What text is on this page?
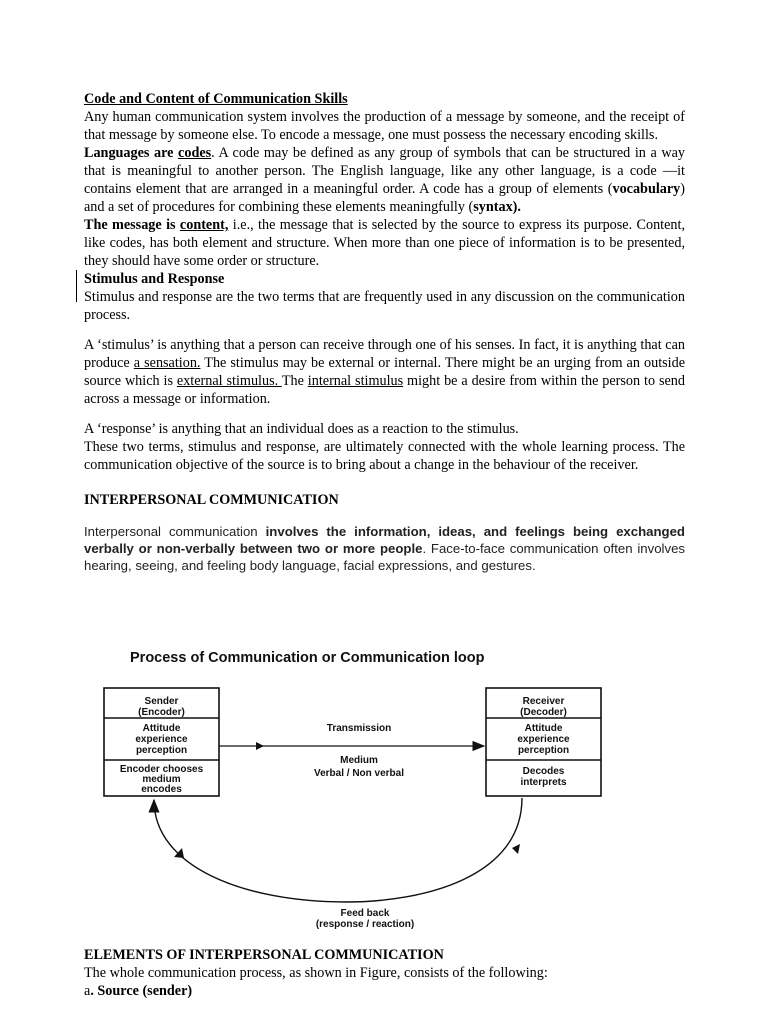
Code and Content of Communication Skills

Any human communication system involves the production of a message by someone, and the receipt of that message by someone else. To encode a message, one must possess the necessary encoding skills.

Languages are codes. A code may be defined as any group of symbols that can be structured in a way that is meaningful to another person. The English language, like any other language, is a code —it contains element that are arranged in a meaningful order. A code has a group of elements (vocabulary) and a set of procedures for combining these elements meaningfully (syntax).

The message is content, i.e., the message that is selected by the source to express its purpose. Content, like codes, has both element and structure. When more than one piece of information is to be presented, they should have some order or structure.

Stimulus and Response

Stimulus and response are the two terms that are frequently used in any discussion on the communication process.

A ‘stimulus’ is anything that a person can receive through one of his senses. In fact, it is anything that can produce a sensation. The stimulus may be external or internal. There might be an urging from an outside source which is external stimulus. The internal stimulus might be a desire from within the person to send across a message or information.

A ‘response’ is anything that an individual does as a reaction to the stimulus.

These two terms, stimulus and response, are ultimately connected with the whole learning process. The communication objective of the source is to bring about a change in the behaviour of the receiver.

INTERPERSONAL COMMUNICATION

Interpersonal communication involves the information, ideas, and feelings being exchanged verbally or non-verbally between two or more people. Face-to-face communication often involves hearing, seeing, and feeling body language, facial expressions, and gestures.

Process of Communication or Communication loop
Sender
(Encoder)
Attitude
experience
perception
Encoder chooses
medium
encodes
Receiver
(Decoder)
Attitude
experience
perception
Decodes
interprets
Transmission
Medium
Verbal / Non verbal
Feed back
(response / reaction)
ELEMENTS OF INTERPERSONAL COMMUNICATION

The whole communication process, as shown in Figure, consists of the following:

a. Source (sender)
